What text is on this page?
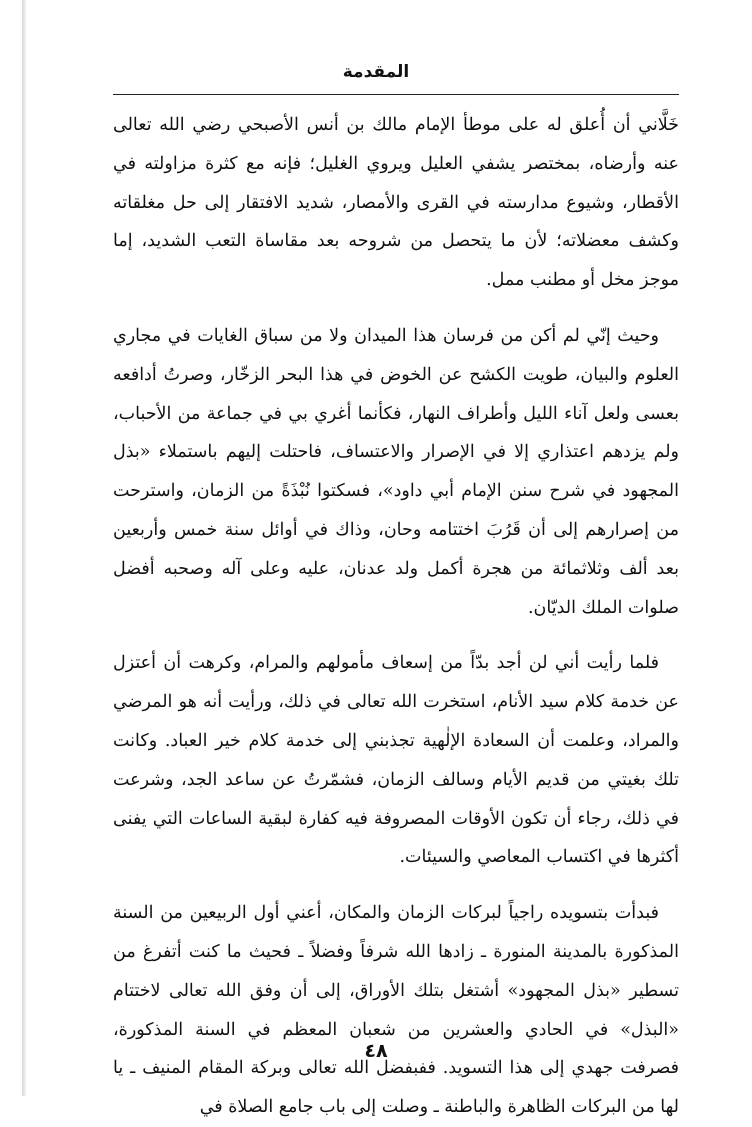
المقدمة

خَلَّاني أن أُعلق له على موطأ الإمام مالك بن أنس الأصبحي رضي الله تعالى عنه وأرضاه، بمختصر يشفي العليل ويروي الغليل؛ فإنه مع كثرة مزاولته في الأقطار، وشيوع مدارسته في القرى والأمصار، شديد الافتقار إلى حل مغلقاته وكشف معضلاته؛ لأن ما يتحصل من شروحه بعد مقاساة التعب الشديد، إما موجز مخل أو مطنب ممل.

وحيث إنّي لم أكن من فرسان هذا الميدان ولا من سباق الغايات في مجاري العلوم والبيان، طويت الكشح عن الخوض في هذا البحر الزخّار، وصرتُ أدافعه بعسى ولعل آناء الليل وأطراف النهار، فكأنما أغري بي في جماعة من الأحباب، ولم يزدهم اعتذاري إلا في الإصرار والاعتساف، فاحتلت إليهم باستملاء «بذل المجهود في شرح سنن الإمام أبي داود»، فسكتوا نُبْذَةً من الزمان، واسترحت من إصرارهم إلى أن قَرُبَ اختتامه وحان، وذاك في أوائل سنة خمس وأربعين بعد ألف وثلاثمائة من هجرة أكمل ولد عدنان، عليه وعلى آله وصحبه أفضل صلوات الملك الديّان.

فلما رأيت أني لن أجد بدّاً من إسعاف مأمولهم والمرام، وكرهت أن أعتزل عن خدمة كلام سيد الأنام، استخرت الله تعالى في ذلك، ورأيت أنه هو المرضي والمراد، وعلمت أن السعادة الإلٰهية تجذبني إلى خدمة كلام خير العباد. وكانت تلك بغيتي من قديم الأيام وسالف الزمان، فشمّرتُ عن ساعد الجد، وشرعت في ذلك، رجاء أن تكون الأوقات المصروفة فيه كفارة لبقية الساعات التي يفنى أكثرها في اكتساب المعاصي والسيئات.

فبدأت بتسويده راجياً لبركات الزمان والمكان، أعني أول الربيعين من السنة المذكورة بالمدينة المنورة ـ زادها الله شرفاً وفضلاً ـ فحيث ما كنت أتفرغ من تسطير «بذل المجهود» أشتغل بتلك الأوراق، إلى أن وفق الله تعالى لاختتام «البذل» في الحادي والعشرين من شعبان المعظم في السنة المذكورة، فصرفت جهدي إلى هذا التسويد. ففبفضل الله تعالى وبركة المقام المنيف ـ يا لها من البركات الظاهرة والباطنة ـ وصلت إلى باب جامع الصلاة في

٤٨
